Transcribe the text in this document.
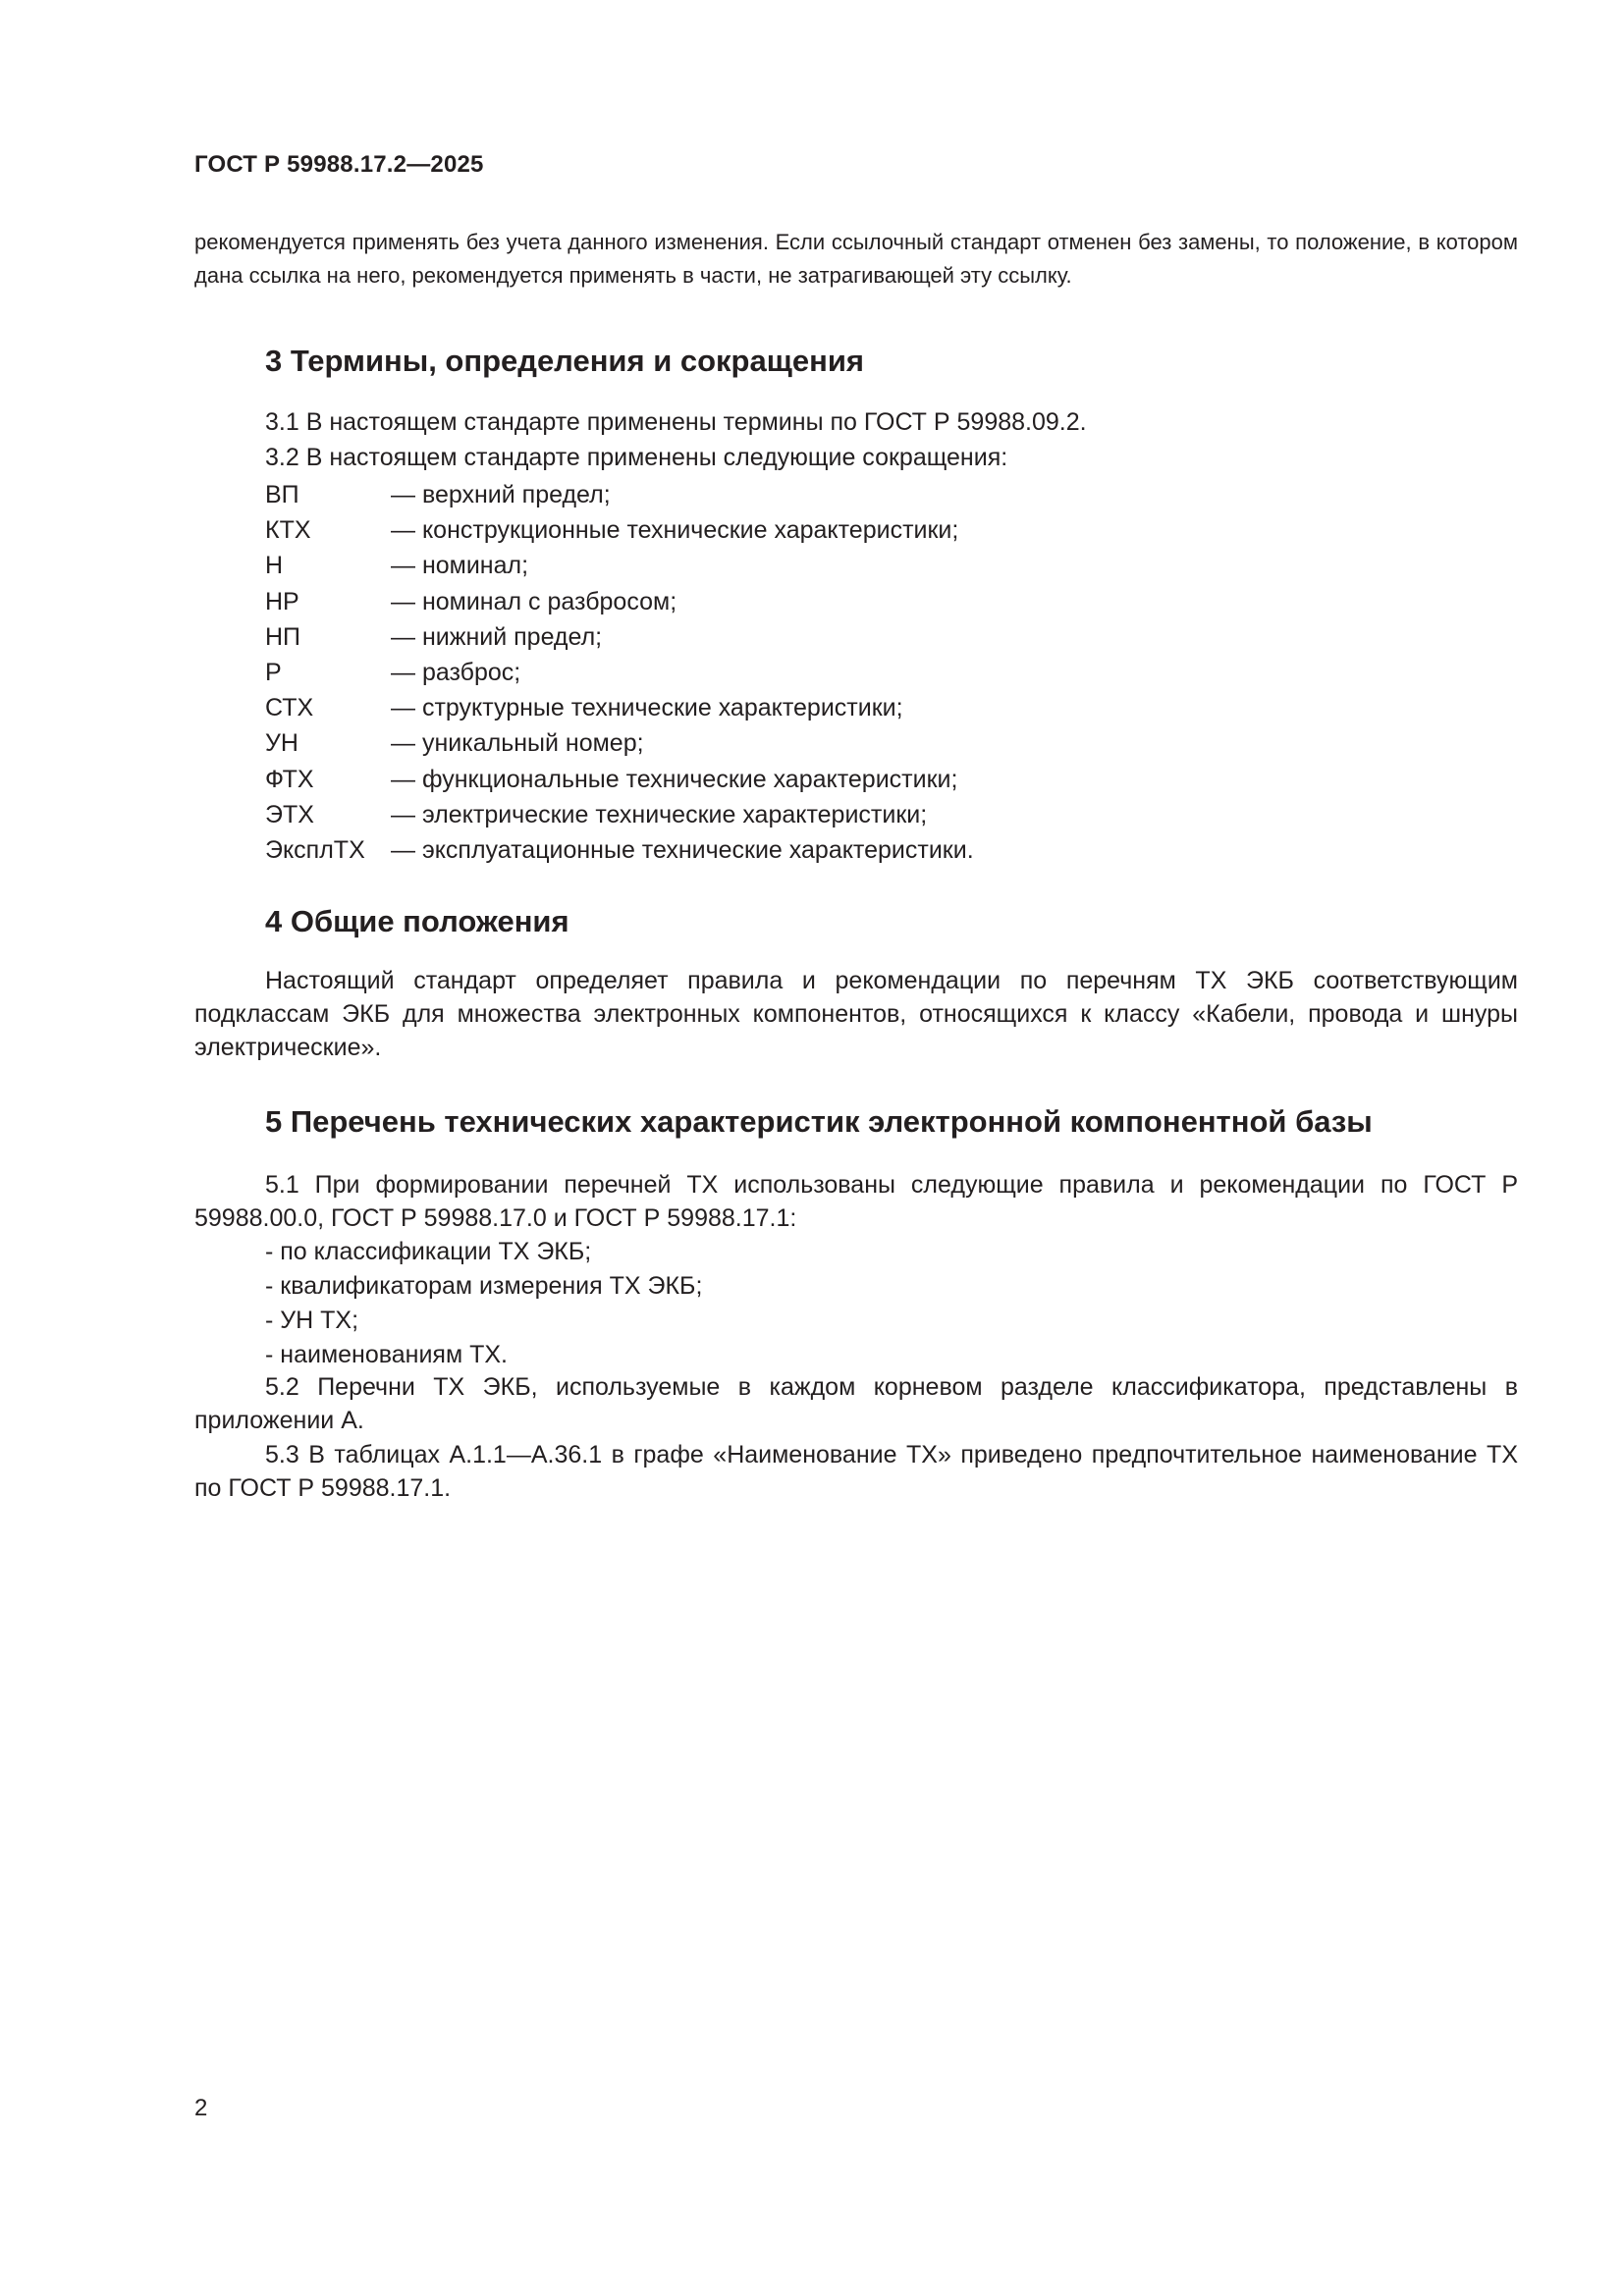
ГОСТ Р 59988.17.2—2025

рекомендуется применять без учета данного изменения. Если ссылочный стандарт отменен без замены, то положение, в котором дана ссылка на него, рекомендуется применять в части, не затрагивающей эту ссылку.

3 Термины, определения и сокращения

3.1 В настоящем стандарте применены термины по ГОСТ Р 59988.09.2.

3.2 В настоящем стандарте применены следующие сокращения:

ВП	— верхний предел;
КТХ	— конструкционные технические характеристики;
Н	— номинал;
НР	— номинал с разбросом;
НП	— нижний предел;
Р	— разброс;
СТХ	— структурные технические характеристики;
УН	— уникальный номер;
ФТХ	— функциональные технические характеристики;
ЭТХ	— электрические технические характеристики;
ЭксплТХ	— эксплуатационные технические характеристики.
4 Общие положения

Настоящий стандарт определяет правила и рекомендации по перечням ТХ ЭКБ соответствующим подклассам ЭКБ для множества электронных компонентов, относящихся к классу «Кабели, провода и шнуры электрические».

5 Перечень технических характеристик электронной компонентной базы

5.1 При формировании перечней ТХ использованы следующие правила и рекомендации по ГОСТ Р 59988.00.0, ГОСТ Р 59988.17.0 и ГОСТ Р 59988.17.1:

- по классификации ТХ ЭКБ;

- квалификаторам измерения ТХ ЭКБ;

- УН ТХ;

- наименованиям ТХ.

5.2 Перечни ТХ ЭКБ, используемые в каждом корневом разделе классификатора, представлены в приложении А.

5.3 В таблицах А.1.1—А.36.1 в графе «Наименование ТХ» приведено предпочтительное наименование ТХ по ГОСТ Р 59988.17.1.

2
